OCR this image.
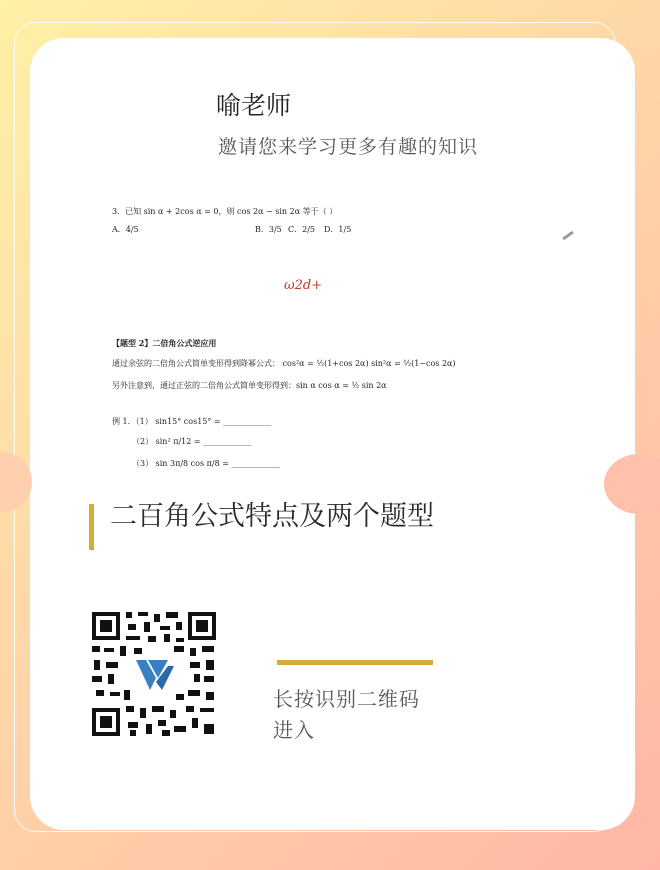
喻老师
邀请您来学习更多有趣的知识
3．已知 sin α + 2cos α = 0，则 cos 2α − sin 2α 等于（ ）
A．4/5	B．3/5 C．2/5 D．1/5
【题型 2】二倍角公式逆应用
通过余弦的二倍角公式简单变形得到降幂公式： cos²α = ½(1+cos 2α) sin²α = ½(1−cos 2α)
另外注意到，通过正弦的二倍角公式简单变形得到：sin α cos α = ½ sin 2α
例 1．（1） sin15° cos15° = ____________
（2） sin² π/12 = ____________
（3） sin 3π/8 cos π/8 = ____________
ω2d+
二百角公式特点及两个题型
长按识别二维码
进入
